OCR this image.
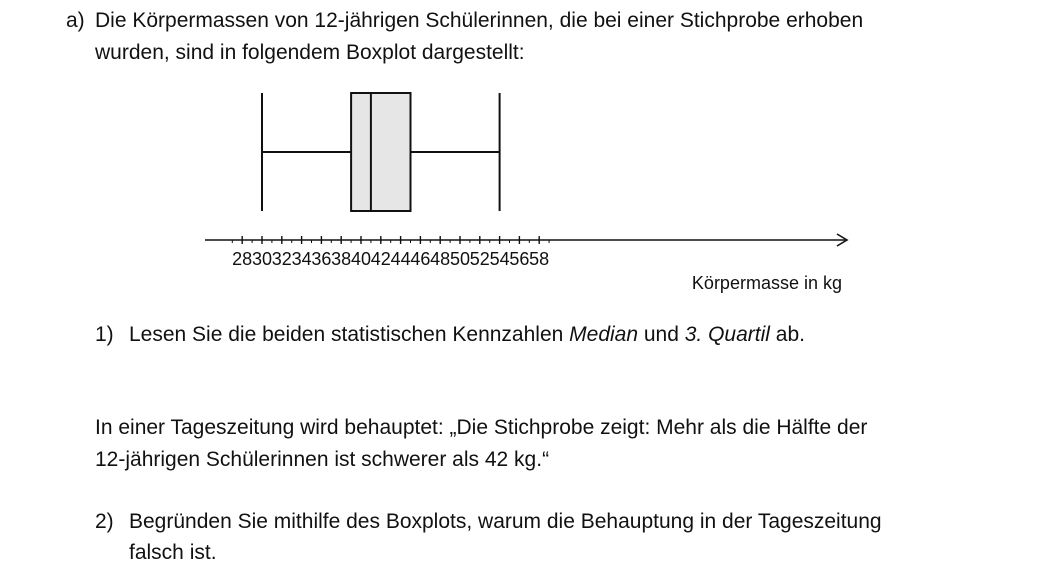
a) Die Körpermassen von 12-jährigen Schülerinnen, die bei einer Stichprobe erhoben
wurden, sind in folgendem Boxplot dargestellt:
28 30 32 34 36 38 40 42 44 46 48 50 52 54 56 58
Körpermasse in kg
1) Lesen Sie die beiden statistischen Kennzahlen Median und 3. Quartil ab.
In einer Tageszeitung wird behauptet: „Die Stichprobe zeigt: Mehr als die Hälfte der
12-jährigen Schülerinnen ist schwerer als 42 kg.“
2) Begründen Sie mithilfe des Boxplots, warum die Behauptung in der Tageszeitung
falsch ist.
